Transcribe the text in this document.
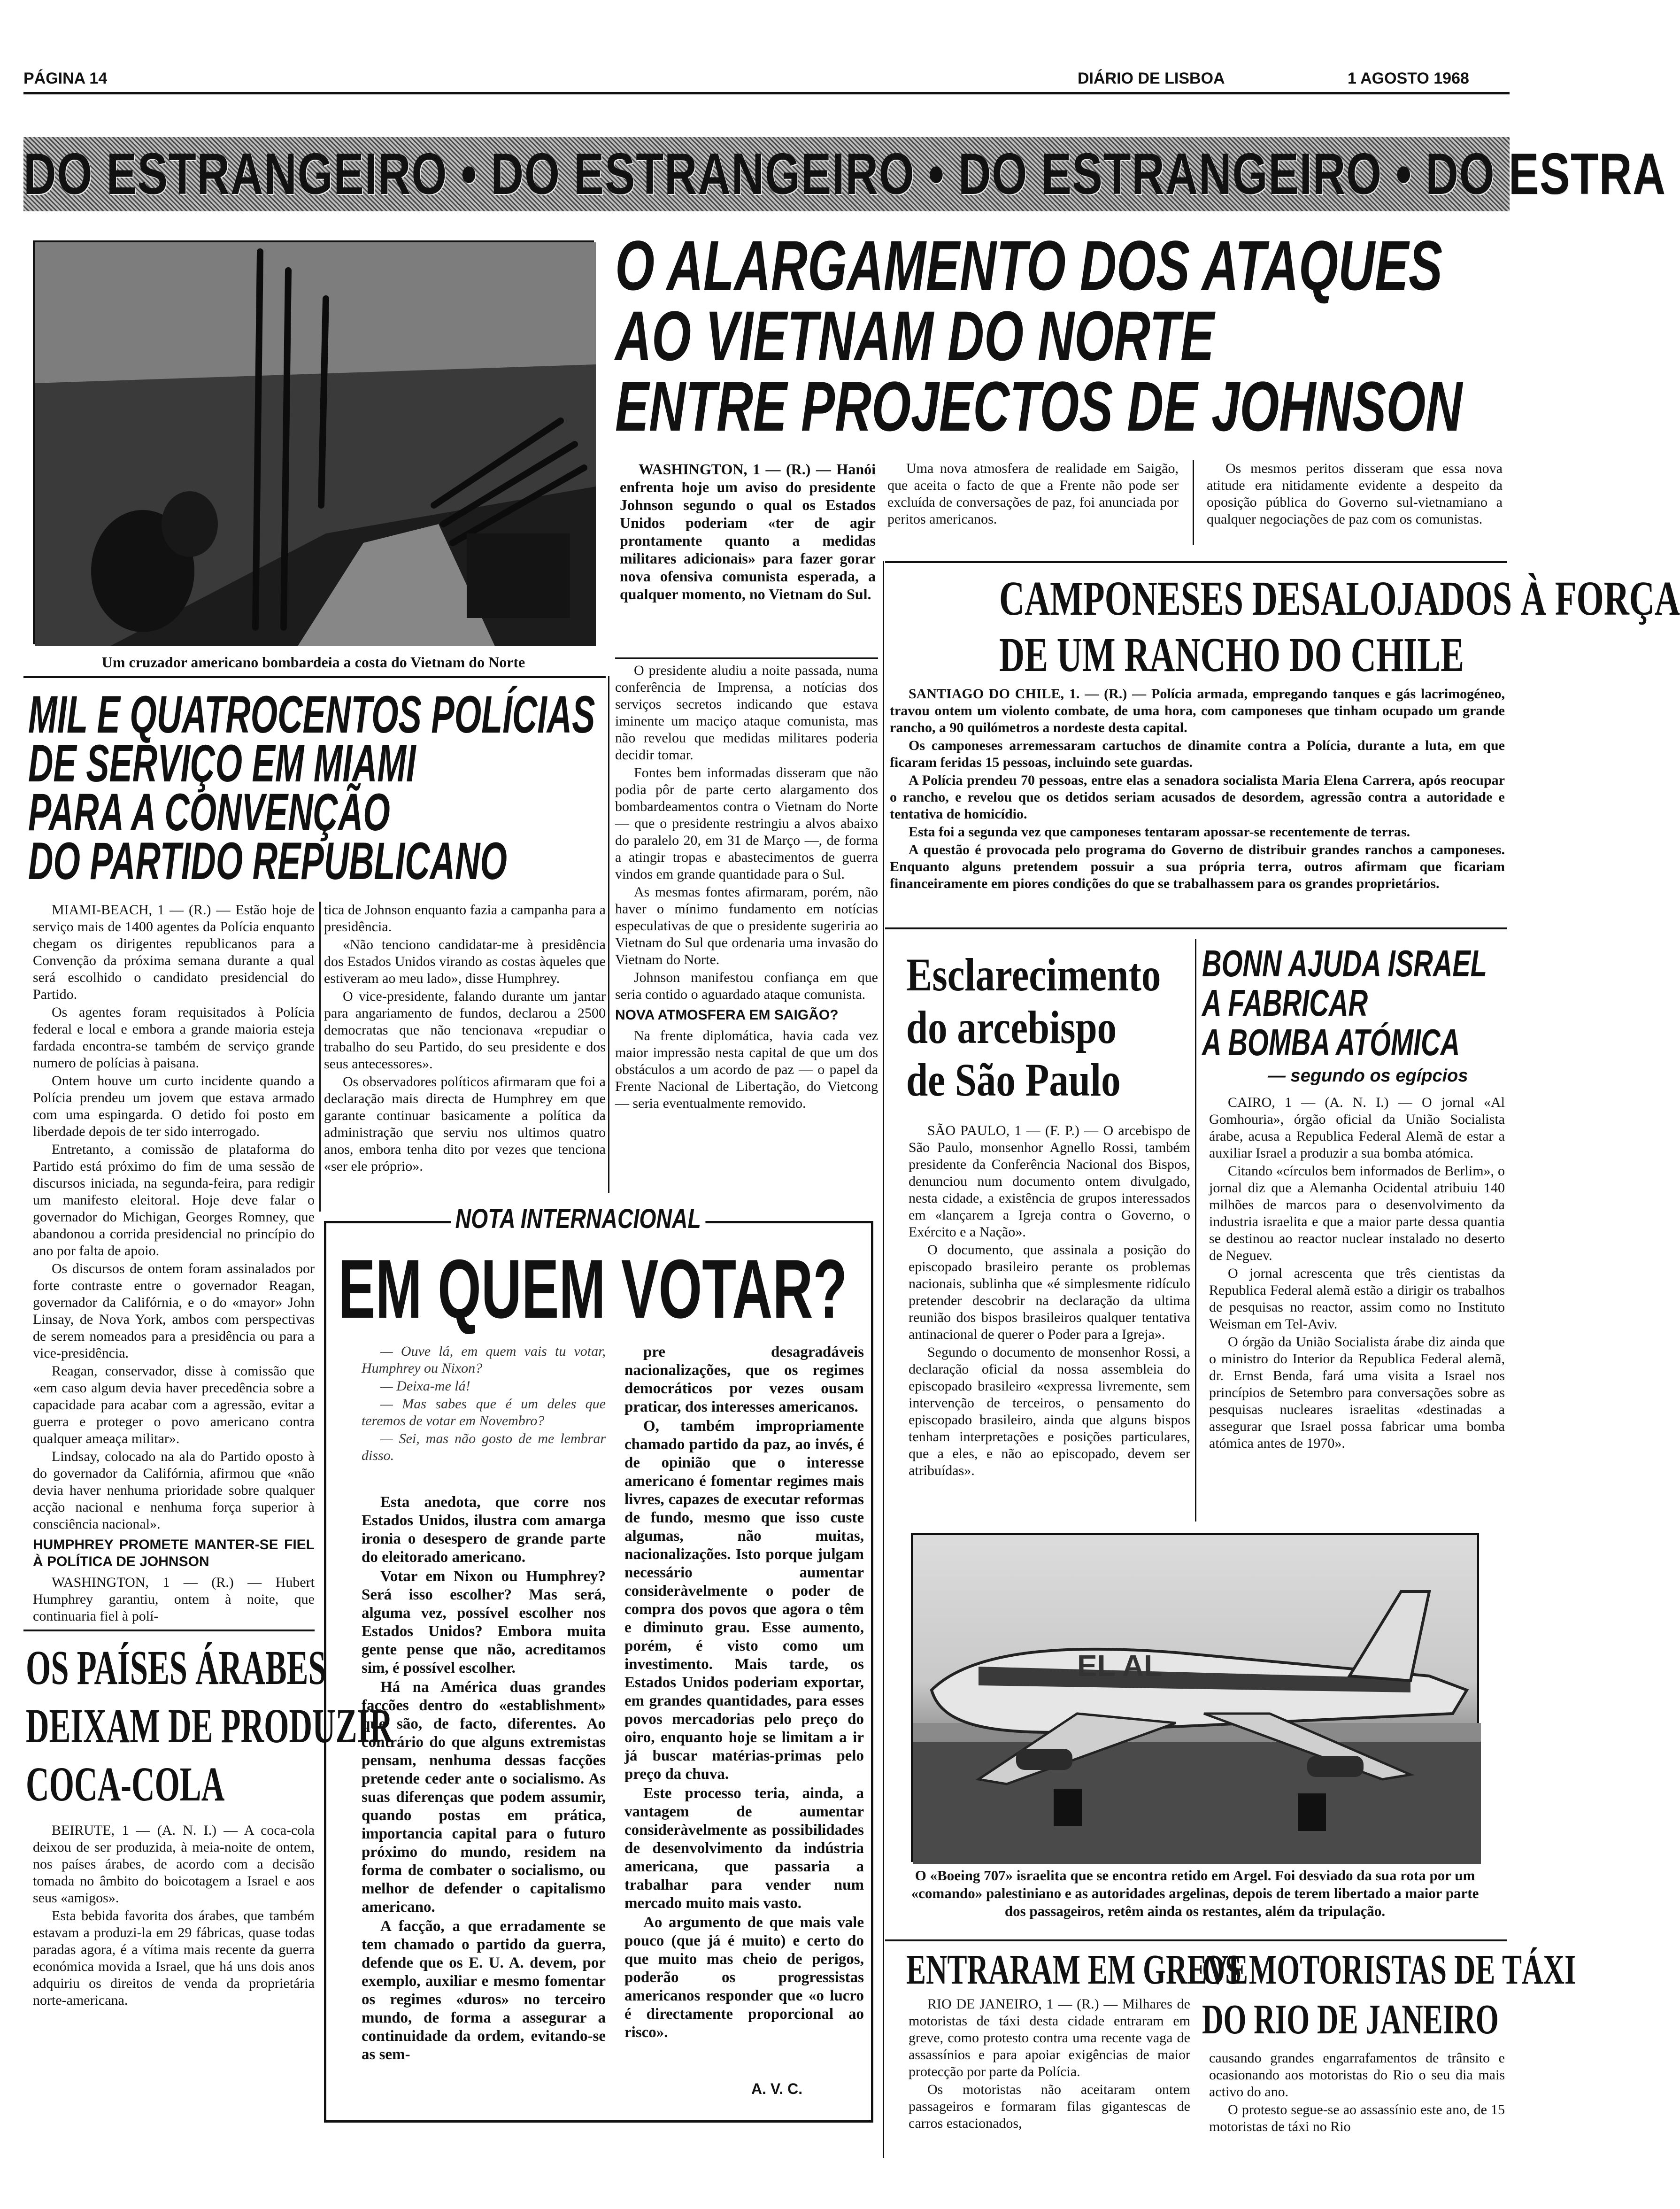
PÁGINA 14	DIÁRIO DE LISBOA	1 AGOSTO 1968
DO ESTRANGEIRO • DO ESTRANGEIRO • DO ESTRANGEIRO • DO ESTRA
Um cruzador americano bombardeia a costa do Vietnam do Norte
O ALARGAMENTO DOS ATAQUES
AO VIETNAM DO NORTE
ENTRE PROJECTOS DE JOHNSON

WASHINGTON, 1 — (R.) — Hanói enfrenta hoje um aviso do presidente Johnson segundo o qual os Estados Unidos poderiam «ter de agir prontamente quanto a medidas militares adicionais» para fazer gorar nova ofensiva comunista esperada, a qualquer momento, no Vietnam do Sul.

O presidente aludiu a noite passada, numa conferência de Imprensa, a notícias dos serviços secretos indicando que estava iminente um maciço ataque comunista, mas não revelou que medidas militares poderia decidir tomar.

Fontes bem informadas disseram que não podia pôr de parte certo alargamento dos bombardeamentos contra o Vietnam do Norte — que o presidente restringiu a alvos abaixo do paralelo 20, em 31 de Março —, de forma a atingir tropas e abastecimentos de guerra vindos em grande quantidade para o Sul.

As mesmas fontes afirmaram, porém, não haver o mínimo fundamento em notícias especulativas de que o presidente sugeriria ao Vietnam do Sul que ordenaria uma invasão do Vietnam do Norte.

Johnson manifestou confiança em que seria contido o aguardado ataque comunista.

NOVA ATMOSFERA EM SAIGÃO?

Na frente diplomática, havia cada vez maior impressão nesta capital de que um dos obstáculos a um acordo de paz — o papel da Frente Nacional de Libertação, do Vietcong — seria eventualmente removido.

Uma nova atmosfera de realidade em Saigão, que aceita o facto de que a Frente não pode ser excluída de conversações de paz, foi anunciada por peritos americanos.

Os mesmos peritos disseram que essa nova atitude era nitidamente evidente a despeito da oposição pública do Governo sul-vietnamiano a qualquer negociações de paz com os comunistas.

CAMPONESES DESALOJADOS À FORÇA
DE UM RANCHO DO CHILE

SANTIAGO DO CHILE, 1. — (R.) — Polícia armada, empregando tanques e gás lacrimogéneo, travou ontem um violento combate, de uma hora, com camponeses que tinham ocupado um grande rancho, a 90 quilómetros a nordeste desta capital.

Os camponeses arremessaram cartuchos de dinamite contra a Polícia, durante a luta, em que ficaram feridas 15 pessoas, incluindo sete guardas.

A Polícia prendeu 70 pessoas, entre elas a senadora socialista Maria Elena Carrera, após reocupar o rancho, e revelou que os detidos seriam acusados de desordem, agressão contra a autoridade e tentativa de homicídio.

Esta foi a segunda vez que camponeses tentaram apossar-se recentemente de terras.

A questão é provocada pelo programa do Governo de distribuir grandes ranchos a camponeses. Enquanto alguns pretendem possuir a sua própria terra, outros afirmam que ficariam financeiramente em piores condições do que se trabalhassem para os grandes proprietários.

MIL E QUATROCENTOS POLÍCIAS
DE SERVIÇO EM MIAMI
PARA A CONVENÇÃO
DO PARTIDO REPUBLICANO

MIAMI-BEACH, 1 — (R.) — Estão hoje de serviço mais de 1400 agentes da Polícia enquanto chegam os dirigentes republicanos para a Convenção da próxima semana durante a qual será escolhido o candidato presidencial do Partido.

Os agentes foram requisitados à Polícia federal e local e embora a grande maioria esteja fardada encontra-se também de serviço grande numero de polícias à paisana.

Ontem houve um curto incidente quando a Polícia prendeu um jovem que estava armado com uma espingarda. O detido foi posto em liberdade depois de ter sido interrogado.

Entretanto, a comissão de plataforma do Partido está próximo do fim de uma sessão de discursos iniciada, na segunda-feira, para redigir um manifesto eleitoral. Hoje deve falar o governador do Michigan, Georges Romney, que abandonou a corrida presidencial no princípio do ano por falta de apoio.

Os discursos de ontem foram assinalados por forte contraste entre o governador Reagan, governador da Califórnia, e o do «mayor» John Linsay, de Nova York, ambos com perspectivas de serem nomeados para a presidência ou para a vice-presidência.

Reagan, conservador, disse à comissão que «em caso algum devia haver precedência sobre a capacidade para acabar com a agressão, evitar a guerra e proteger o povo americano contra qualquer ameaça militar».

Lindsay, colocado na ala do Partido oposto à do governador da Califórnia, afirmou que «não devia haver nenhuma prioridade sobre qualquer acção nacional e nenhuma força superior à consciência nacional».

HUMPHREY PROMETE MANTER-SE FIEL À POLÍTICA DE JOHNSON

WASHINGTON, 1 — (R.) — Hubert Humphrey garantiu, ontem à noite, que continuaria fiel à polí-

tica de Johnson enquanto fazia a campanha para a presidência.

«Não tenciono candidatar-me à presidência dos Estados Unidos virando as costas àqueles que estiveram ao meu lado», disse Humphrey.

O vice-presidente, falando durante um jantar para angariamento de fundos, declarou a 2500 democratas que não tencionava «repudiar o trabalho do seu Partido, do seu presidente e dos seus antecessores».

Os observadores políticos afirmaram que foi a declaração mais directa de Humphrey em que garante continuar basicamente a política da administração que serviu nos ultimos quatro anos, embora tenha dito por vezes que tenciona «ser ele próprio».

OS PAÍSES ÁRABES
DEIXAM DE PRODUZIR
COCA-COLA

BEIRUTE, 1 — (A. N. I.) — A coca-cola deixou de ser produzida, à meia-noite de ontem, nos países árabes, de acordo com a decisão tomada no âmbito do boicotagem a Israel e aos seus «amigos».

Esta bebida favorita dos árabes, que também estavam a produzi-la em 29 fábricas, quase todas paradas agora, é a vítima mais recente da guerra económica movida a Israel, que há uns dois anos adquiriu os direitos de venda da proprietária norte-americana.

NOTA INTERNACIONAL
EM QUEM VOTAR?

— Ouve lá, em quem vais tu votar, Humphrey ou Nixon?

— Deixa-me lá!

— Mas sabes que é um deles que teremos de votar em Novembro?

— Sei, mas não gosto de me lembrar disso.

Esta anedota, que corre nos Estados Unidos, ilustra com amarga ironia o desespero de grande parte do eleitorado americano.

Votar em Nixon ou Humphrey? Será isso escolher? Mas será, alguma vez, possível escolher nos Estados Unidos? Embora muita gente pense que não, acreditamos sim, é possível escolher.

Há na América duas grandes facções dentro do «establishment» que são, de facto, diferentes. Ao contrário do que alguns extremistas pensam, nenhuma dessas facções pretende ceder ante o socialismo. As suas diferenças que podem assumir, quando postas em prática, importancia capital para o futuro próximo do mundo, residem na forma de combater o socialismo, ou melhor de defender o capitalismo americano.

A facção, a que erradamente se tem chamado o partido da guerra, defende que os E. U. A. devem, por exemplo, auxiliar e mesmo fomentar os regimes «duros» no terceiro mundo, de forma a assegurar a continuidade da ordem, evitando-se as sem-

pre desagradáveis nacionalizações, que os regimes democráticos por vezes ousam praticar, dos interesses americanos.

O, também impropriamente chamado partido da paz, ao invés, é de opinião que o interesse americano é fomentar regimes mais livres, capazes de executar reformas de fundo, mesmo que isso custe algumas, não muitas, nacionalizações. Isto porque julgam necessário aumentar consideràvelmente o poder de compra dos povos que agora o têm e diminuto grau. Esse aumento, porém, é visto como um investimento. Mais tarde, os Estados Unidos poderiam exportar, em grandes quantidades, para esses povos mercadorias pelo preço do oiro, enquanto hoje se limitam a ir já buscar matérias-primas pelo preço da chuva.

Este processo teria, ainda, a vantagem de aumentar consideràvelmente as possibilidades de desenvolvimento da indústria americana, que passaria a trabalhar para vender num mercado muito mais vasto.

Ao argumento de que mais vale pouco (que já é muito) e certo do que muito mas cheio de perigos, poderão os progressistas americanos responder que «o lucro é directamente proporcional ao risco».

A. V. C.
Esclarecimento
do arcebispo
de São Paulo

SÃO PAULO, 1 — (F. P.) — O arcebispo de São Paulo, monsenhor Agnello Rossi, também presidente da Conferência Nacional dos Bispos, denunciou num documento ontem divulgado, nesta cidade, a existência de grupos interessados em «lançarem a Igreja contra o Governo, o Exército e a Nação».

O documento, que assinala a posição do episcopado brasileiro perante os problemas nacionais, sublinha que «é simplesmente ridículo pretender descobrir na declaração da ultima reunião dos bispos brasileiros qualquer tentativa antinacional de querer o Poder para a Igreja».

Segundo o documento de monsenhor Rossi, a declaração oficial da nossa assembleia do episcopado brasileiro «expressa livremente, sem intervenção de terceiros, o pensamento do episcopado brasileiro, ainda que alguns bispos tenham interpretações e posições particulares, que a eles, e não ao episcopado, devem ser atribuídas».

BONN AJUDA ISRAEL
A FABRICAR
A BOMBA ATÓMICA
— segundo os egípcios

CAIRO, 1 — (A. N. I.) — O jornal «Al Gomhouria», órgão oficial da União Socialista árabe, acusa a Republica Federal Alemã de estar a auxiliar Israel a produzir a sua bomba atómica.

Citando «círculos bem informados de Berlim», o jornal diz que a Alemanha Ocidental atribuiu 140 milhões de marcos para o desenvolvimento da industria israelita e que a maior parte dessa quantia se destinou ao reactor nuclear instalado no deserto de Neguev.

O jornal acrescenta que três cientistas da Republica Federal alemã estão a dirigir os trabalhos de pesquisas no reactor, assim como no Instituto Weisman em Tel-Aviv.

O órgão da União Socialista árabe diz ainda que o ministro do Interior da Republica Federal alemã, dr. Ernst Benda, fará uma visita a Israel nos princípios de Setembro para conversações sobre as pesquisas nucleares israelitas «destinadas a assegurar que Israel possa fabricar uma bomba atómica antes de 1970».

EL AL
O «Boeing 707» israelita que se encontra retido em Argel. Foi desviado da sua rota por um «comando» palestiniano e as autoridades argelinas, depois de terem libertado a maior parte dos passageiros, retêm ainda os restantes, além da tripulação.
ENTRARAM EM GREVE
OS MOTORISTAS DE TÁXI
DO RIO DE JANEIRO

RIO DE JANEIRO, 1 — (R.) — Milhares de motoristas de táxi desta cidade entraram em greve, como protesto contra uma recente vaga de assassínios e para apoiar exigências de maior protecção por parte da Polícia.

Os motoristas não aceitaram ontem passageiros e formaram filas gigantescas de carros estacionados,

causando grandes engarrafamentos de trânsito e ocasionando aos motoristas do Rio o seu dia mais activo do ano.

O protesto segue-se ao assassínio este ano, de 15 motoristas de táxi no Rio
